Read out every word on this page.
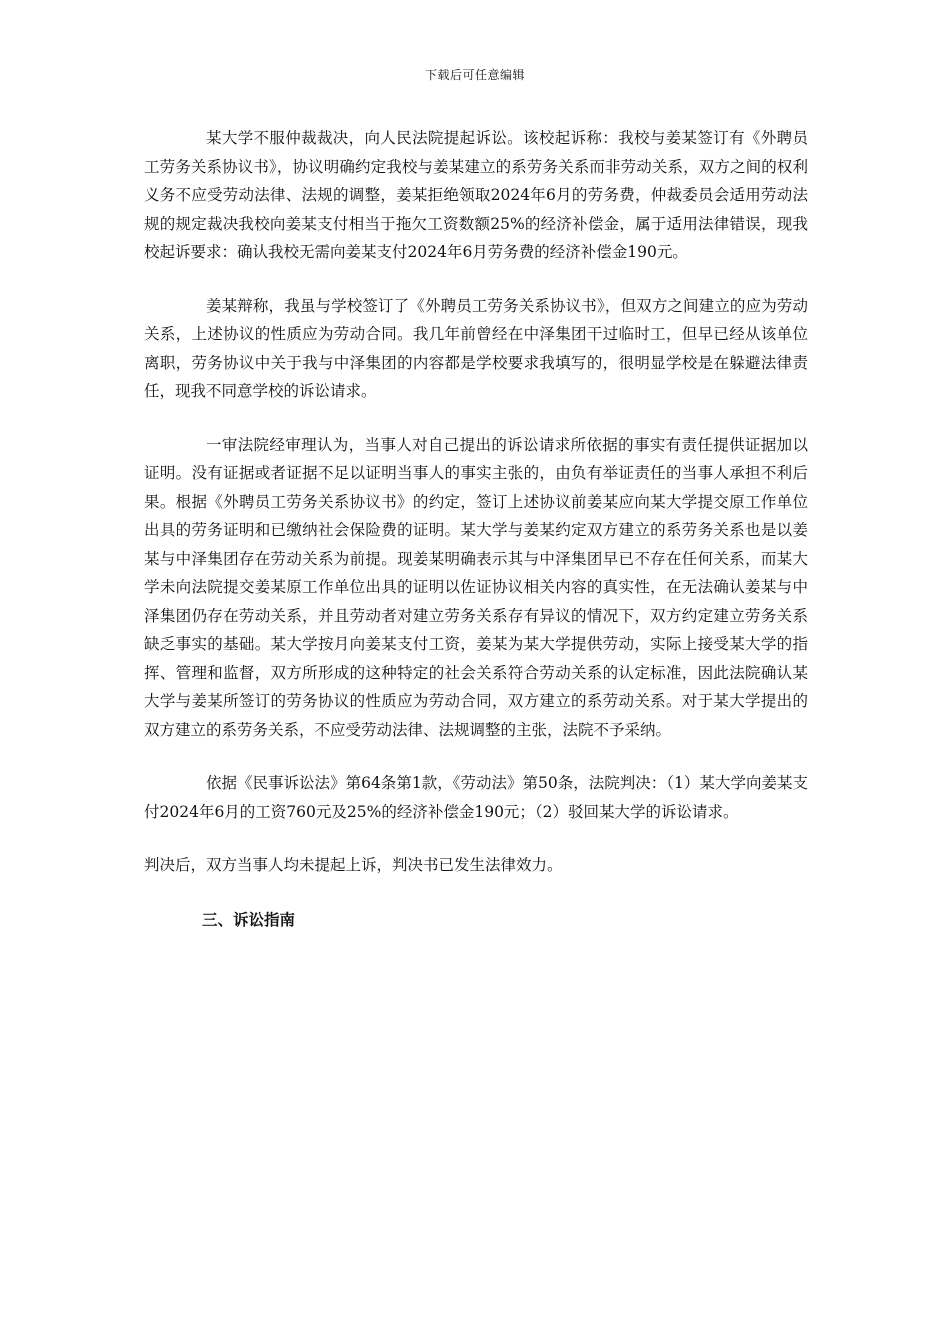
下载后可任意编辑

某大学不服仲裁裁决，向人民法院提起诉讼。该校起诉称：我校与姜某签订有《外聘员工劳务关系协议书》，协议明确约定我校与姜某建立的系劳务关系而非劳动关系，双方之间的权利义务不应受劳动法律、法规的调整，姜某拒绝领取2024年6月的劳务费，仲裁委员会适用劳动法规的规定裁决我校向姜某支付相当于拖欠工资数额25%的经济补偿金，属于适用法律错误，现我校起诉要求：确认我校无需向姜某支付2024年6月劳务费的经济补偿金190元。

姜某辩称，我虽与学校签订了《外聘员工劳务关系协议书》，但双方之间建立的应为劳动关系，上述协议的性质应为劳动合同。我几年前曾经在中泽集团干过临时工，但早已经从该单位离职，劳务协议中关于我与中泽集团的内容都是学校要求我填写的，很明显学校是在躲避法律责任，现我不同意学校的诉讼请求。

一审法院经审理认为，当事人对自己提出的诉讼请求所依据的事实有责任提供证据加以证明。没有证据或者证据不足以证明当事人的事实主张的，由负有举证责任的当事人承担不利后果。根据《外聘员工劳务关系协议书》的约定，签订上述协议前姜某应向某大学提交原工作单位出具的劳务证明和已缴纳社会保险费的证明。某大学与姜某约定双方建立的系劳务关系也是以姜某与中泽集团存在劳动关系为前提。现姜某明确表示其与中泽集团早已不存在任何关系，而某大学未向法院提交姜某原工作单位出具的证明以佐证协议相关内容的真实性，在无法确认姜某与中泽集团仍存在劳动关系，并且劳动者对建立劳务关系存有异议的情况下，双方约定建立劳务关系缺乏事实的基础。某大学按月向姜某支付工资，姜某为某大学提供劳动，实际上接受某大学的指挥、管理和监督，双方所形成的这种特定的社会关系符合劳动关系的认定标准，因此法院确认某大学与姜某所签订的劳务协议的性质应为劳动合同，双方建立的系劳动关系。对于某大学提出的双方建立的系劳务关系，不应受劳动法律、法规调整的主张，法院不予采纳。

依据《民事诉讼法》第64条第1款，《劳动法》第50条，法院判决：（1）某大学向姜某支付2024年6月的工资760元及25%的经济补偿金190元；（2）驳回某大学的诉讼请求。

判决后，双方当事人均未提起上诉，判决书已发生法律效力。

三、诉讼指南
